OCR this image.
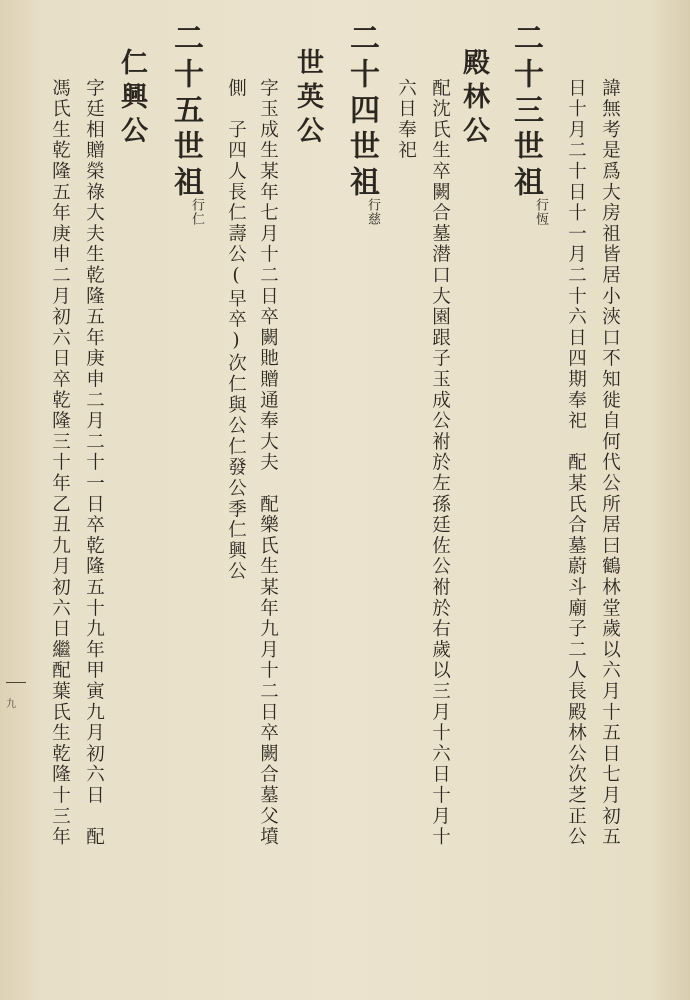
諱無考是爲大房祖皆居小浹口不知徙自何代公所居曰鶴林堂歲以六月十五日七月初五
日十月二十日十一月二十六日四期奉祀　配某氏合墓蔚斗廟子二人長殿林公次芝正公
二十三世祖
行恆
殿林公
配沈氏生卒闕合墓潜口大園跟子玉成公祔於左孫廷佐公祔於右歲以三月十六日十月十
六日奉祀
二十四世祖
行慈
世英公
字玉成生某年七月十二日卒闕貤贈通奉大夫　配樂氏生某年九月十二日卒闕合墓父墳
側　子四人長仁壽公(早卒)次仁與公仁發公季仁興公
二十五世祖
行仁
仁興公
字廷相贈榮祿大夫生乾隆五年庚申二月二十一日卒乾隆五十九年甲寅九月初六日　配
馮氏生乾隆五年庚申二月初六日卒乾隆三十年乙丑九月初六日繼配葉氏生乾隆十三年
九
